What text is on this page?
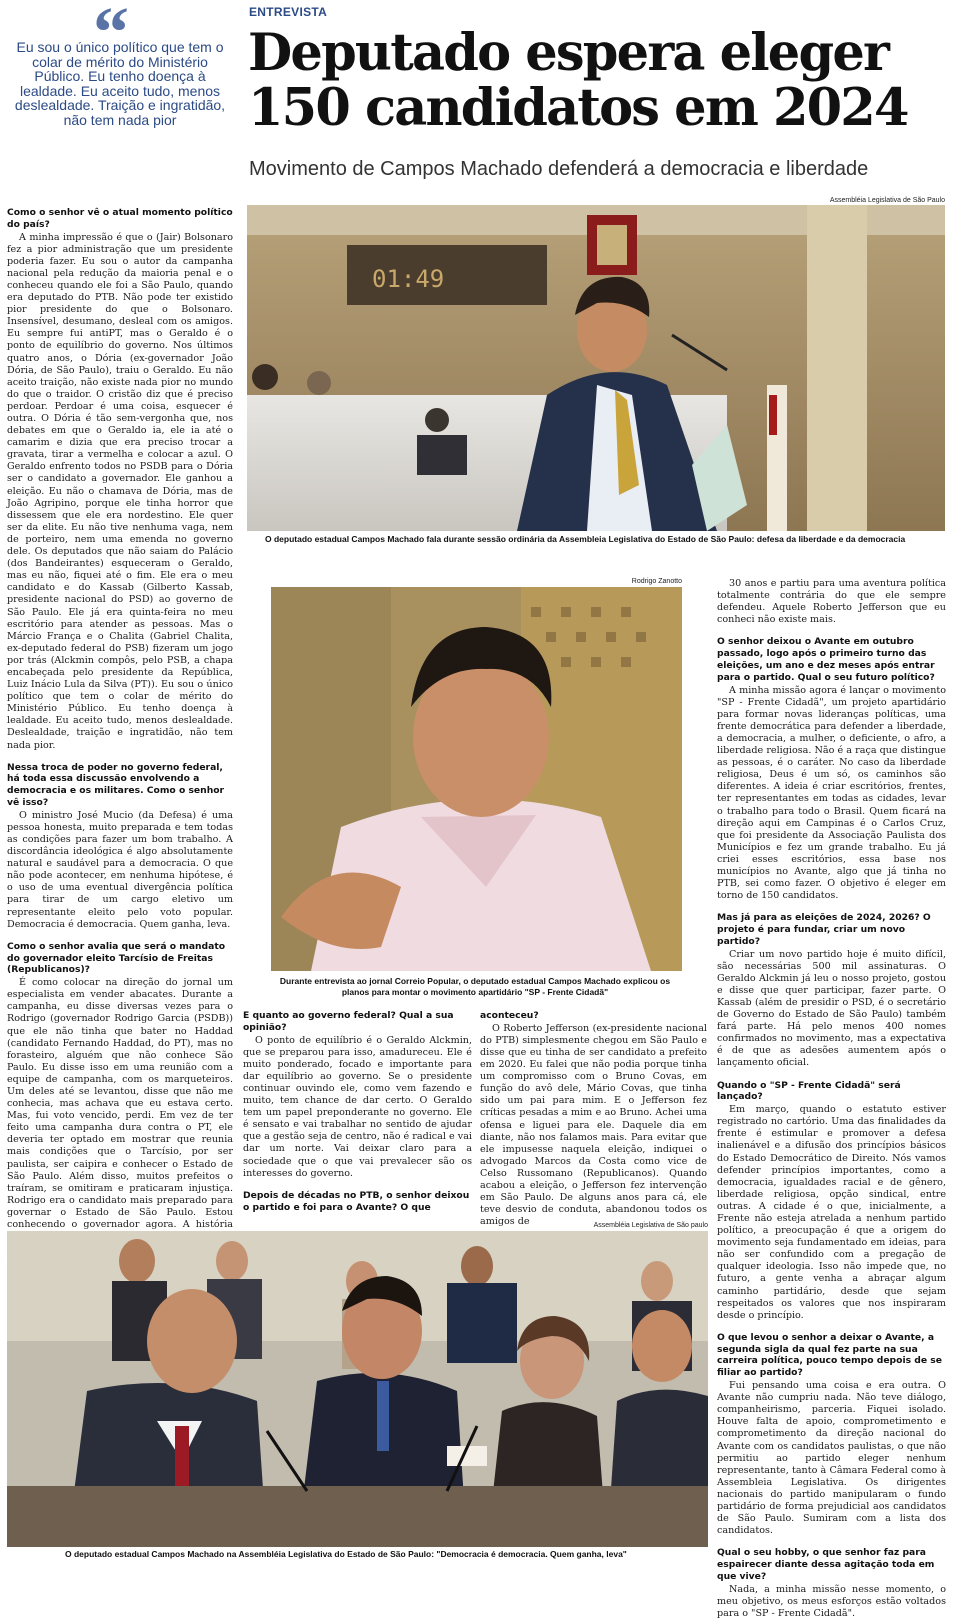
“
Eu sou o único político que tem o colar de mérito do Ministério Público. Eu tenho doença à lealdade. Eu aceito tudo, menos deslealdade. Traição e ingratidão, não tem nada pior
ENTREVISTA
Deputado espera eleger 150 candidatos em 2024
Movimento de Campos Machado defenderá a democracia e liberdade
Assembléia Legislativa de São Paulo
01:49
O deputado estadual Campos Machado fala durante sessão ordinária da Assembleia Legislativa do Estado de São Paulo: defesa da liberdade e da democracia
Como o senhor vê o atual momento político do país?

A minha impressão é que o (Jair) Bolsonaro fez a pior administração que um presidente poderia fazer. Eu sou o autor da campanha nacional pela redução da maioria penal e o conheceu quando ele foi a São Paulo, quando era deputado do PTB. Não pode ter existido pior presidente do que o Bolsonaro. Insensível, desumano, desleal com os amigos. Eu sempre fui antiPT, mas o Geraldo é o ponto de equilíbrio do governo. Nos últimos quatro anos, o Dória (ex-governador João Dória, de São Paulo), traiu o Geraldo. Eu não aceito traição, não existe nada pior no mundo do que o traidor. O cristão diz que é preciso perdoar. Perdoar é uma coisa, esquecer é outra. O Dória é tão sem-vergonha que, nos debates em que o Geraldo ia, ele ia até o camarim e dizia que era preciso trocar a gravata, tirar a vermelha e colocar a azul. O Geraldo enfrento todos no PSDB para o Dória ser o candidato a governador. Ele ganhou a eleição. Eu não o chamava de Dória, mas de João Agripino, porque ele tinha horror que dissessem que ele era nordestino. Ele quer ser da elite. Eu não tive nenhuma vaga, nem de porteiro, nem uma emenda no governo dele. Os deputados que não saiam do Palácio (dos Bandeirantes) esqueceram o Geraldo, mas eu não, fiquei até o fim. Ele era o meu candidato e do Kassab (Gilberto Kassab, presidente nacional do PSD) ao governo de São Paulo. Ele já era quinta-feira no meu escritório para atender as pessoas. Mas o Márcio França e o Chalita (Gabriel Chalita, ex-deputado federal do PSB) fizeram um jogo por trás (Alckmin compôs, pelo PSB, a chapa encabeçada pelo presidente da República, Luiz Inácio Lula da Silva (PT)). Eu sou o único político que tem o colar de mérito do Ministério Público. Eu tenho doença à lealdade. Eu aceito tudo, menos deslealdade. Deslealdade, traição e ingratidão, não tem nada pior.

Nessa troca de poder no governo federal, há toda essa discussão envolvendo a democracia e os militares. Como o senhor vê isso?

O ministro José Mucio (da Defesa) é uma pessoa honesta, muito preparada e tem todas as condições para fazer um bom trabalho. A discordância ideológica é algo absolutamente natural e saudável para a democracia. O que não pode acontecer, em nenhuma hipótese, é o uso de uma eventual divergência política para tirar de um cargo eletivo um representante eleito pelo voto popular. Democracia é democracia. Quem ganha, leva.

Como o senhor avalia que será o mandato do governador eleito Tarcísio de Freitas (Republicanos)?

É como colocar na direção do jornal um especialista em vender abacates. Durante a campanha, eu disse diversas vezes para o Rodrigo (governador Rodrigo Garcia (PSDB)) que ele não tinha que bater no Haddad (candidato Fernando Haddad, do PT), mas no forasteiro, alguém que não conhece São Paulo. Eu disse isso em uma reunião com a equipe de campanha, com os marqueteiros. Um deles até se levantou, disse que não me conhecia, mas achava que eu estava certo. Mas, fui voto vencido, perdi. Em vez de ter feito uma campanha dura contra o PT, ele deveria ter optado em mostrar que reunia mais condições que o Tarcísio, por ser paulista, ser caipira e conhecer o Estado de São Paulo. Além disso, muitos prefeitos o traíram, se omitiram e praticaram injustiça. Rodrigo era o candidato mais preparado para governar o Estado de São Paulo. Estou conhecendo o governador agora. A história

Rodrigo Zanotto
Durante entrevista ao jornal Correio Popular, o deputado estadual Campos Machado explicou os planos para montar o movimento apartidário "SP - Frente Cidadã"
E quanto ao governo federal? Qual a sua opinião?

O ponto de equilíbrio é o Geraldo Alckmin, que se preparou para isso, amadureceu. Ele é muito ponderado, focado e importante para dar equilíbrio ao governo. Se o presidente continuar ouvindo ele, como vem fazendo e muito, tem chance de dar certo. O Geraldo tem um papel preponderante no governo. Ele é sensato e vai trabalhar no sentido de ajudar que a gestão seja de centro, não é radical e vai dar um norte. Vai deixar claro para a sociedade que o que vai prevalecer são os interesses do governo.

Depois de décadas no PTB, o senhor deixou o partido e foi para o Avante? O que
aconteceu?

O Roberto Jefferson (ex-presidente nacional do PTB) simplesmente chegou em São Paulo e disse que eu tinha de ser candidato a prefeito em 2020. Eu falei que não podia porque tinha um compromisso com o Bruno Covas, em função do avô dele, Mário Covas, que tinha sido um pai para mim. E o Jefferson fez críticas pesadas a mim e ao Bruno. Achei uma ofensa e liguei para ele. Daquele dia em diante, não nos falamos mais. Para evitar que ele impusesse naquela eleição, indiquei o advogado Marcos da Costa como vice de Celso Russomano (Republicanos). Quando acabou a eleição, o Jefferson fez intervenção em São Paulo. De alguns anos para cá, ele teve desvio de conduta, abandonou todos os amigos de

30 anos e partiu para uma aventura política totalmente contrária do que ele sempre defendeu. Aquele Roberto Jefferson que eu conheci não existe mais.

O senhor deixou o Avante em outubro passado, logo após o primeiro turno das eleições, um ano e dez meses após entrar para o partido. Qual o seu futuro político?

A minha missão agora é lançar o movimento "SP - Frente Cidadã", um projeto apartidário para formar novas lideranças políticas, uma frente democrática para defender a liberdade, a democracia, a mulher, o deficiente, o afro, a liberdade religiosa. Não é a raça que distingue as pessoas, é o caráter. No caso da liberdade religiosa, Deus é um só, os caminhos são diferentes. A ideia é criar escritórios, frentes, ter representantes em todas as cidades, levar o trabalho para todo o Brasil. Quem ficará na direção aqui em Campinas é o Carlos Cruz, que foi presidente da Associação Paulista dos Municípios e fez um grande trabalho. Eu já criei esses escritórios, essa base nos municípios no Avante, algo que já tinha no PTB, sei como fazer. O objetivo é eleger em torno de 150 candidatos.

Mas já para as eleições de 2024, 2026? O projeto é para fundar, criar um novo partido?

Criar um novo partido hoje é muito difícil, são necessárias 500 mil assinaturas. O Geraldo Alckmin já leu o nosso projeto, gostou e disse que quer participar, fazer parte. O Kassab (além de presidir o PSD, é o secretário de Governo do Estado de São Paulo) também fará parte. Há pelo menos 400 nomes confirmados no movimento, mas a expectativa é de que as adesões aumentem após o lançamento oficial.

Quando o "SP - Frente Cidadã" será lançado?

Em março, quando o estatuto estiver registrado no cartório. Uma das finalidades da frente é estimular e promover a defesa inalienável e a difusão dos princípios básicos do Estado Democrático de Direito. Nós vamos defender princípios importantes, como a democracia, igualdades racial e de gênero, liberdade religiosa, opção sindical, entre outras. A cidade é o que, inicialmente, a Frente não esteja atrelada a nenhum partido político, a preocupação é que a origem do movimento seja fundamentado em ideias, para não ser confundido com a pregação de qualquer ideologia. Isso não impede que, no futuro, a gente venha a abraçar algum caminho partidário, desde que sejam respeitados os valores que nos inspiraram desde o princípio.

O que levou o senhor a deixar o Avante, a segunda sigla da qual fez parte na sua carreira política, pouco tempo depois de se filiar ao partido?

Fui pensando uma coisa e era outra. O Avante não cumpriu nada. Não teve diálogo, companheirismo, parceria. Fiquei isolado. Houve falta de apoio, comprometimento e comprometimento da direção nacional do Avante com os candidatos paulistas, o que não permitiu ao partido eleger nenhum representante, tanto à Câmara Federal como à Assembleia Legislativa. Os dirigentes nacionais do partido manipularam o fundo partidário de forma prejudicial aos candidatos de São Paulo. Sumiram com a lista dos candidatos.

Qual o seu hobby, o que senhor faz para espairecer diante dessa agitação toda em que vive?

Nada, a minha missão nesse momento, o meu objetivo, os meus esforços estão voltados para o "SP - Frente Cidadã".

Assembléia Legislativa de São paulo
O deputado estadual Campos Machado na Assembléia Legislativa do Estado de São Paulo: "Democracia é democracia. Quem ganha, leva"
